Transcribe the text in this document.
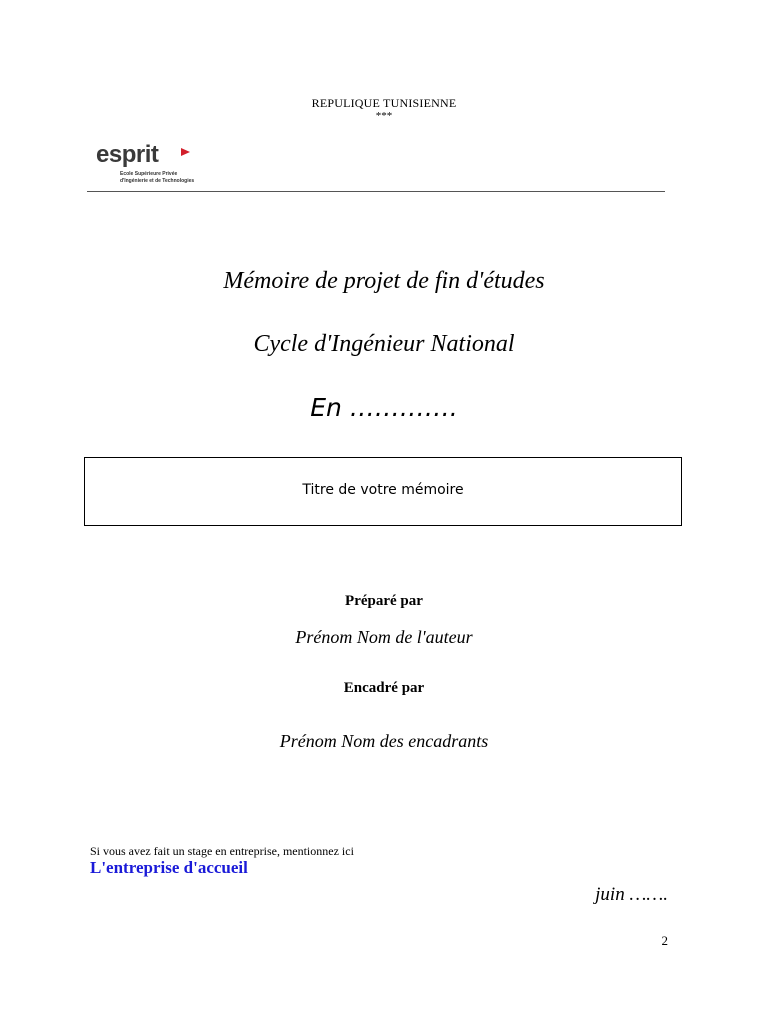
REPULIQUE TUNISIENNE
***
esprit
Ecole Supérieure Privée
d'Ingénierie et de Technologies
Mémoire de projet de fin d'études
Cycle d'Ingénieur National
En ………….
Titre de votre mémoire
Préparé par
Prénom Nom de l'auteur
Encadré par
Prénom Nom des encadrants
Si vous avez fait un stage en entreprise, mentionnez ici
L'entreprise d'accueil
juin …….
2
